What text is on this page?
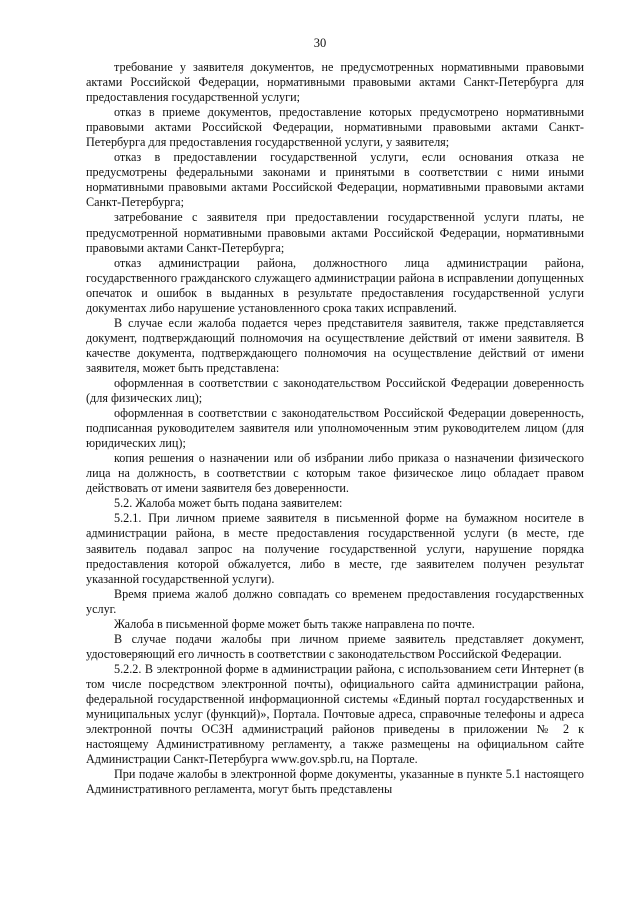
30

требование у заявителя документов, не предусмотренных нормативными правовыми актами Российской Федерации, нормативными правовыми актами Санкт-Петербурга для предоставления государственной услуги;

отказ в приеме документов, предоставление которых предусмотрено нормативными правовыми актами Российской Федерации, нормативными правовыми актами Санкт-Петербурга для предоставления государственной услуги, у заявителя;

отказ в предоставлении государственной услуги, если основания отказа не предусмотрены федеральными законами и принятыми в соответствии с ними иными нормативными правовыми актами Российской Федерации, нормативными правовыми актами Санкт-Петербурга;

затребование с заявителя при предоставлении государственной услуги платы, не предусмотренной нормативными правовыми актами Российской Федерации, нормативными правовыми актами Санкт-Петербурга;

отказ администрации района, должностного лица администрации района, государственного гражданского служащего администрации района в исправлении допущенных опечаток и ошибок в выданных в результате предоставления государственной услуги документах либо нарушение установленного срока таких исправлений.

В случае если жалоба подается через представителя заявителя, также представляется документ, подтверждающий полномочия на осуществление действий от имени заявителя. В качестве документа, подтверждающего полномочия на осуществление действий от имени заявителя, может быть представлена:

оформленная в соответствии с законодательством Российской Федерации доверенность (для физических лиц);

оформленная в соответствии с законодательством Российской Федерации доверенность, подписанная руководителем заявителя или уполномоченным этим руководителем лицом (для юридических лиц);

копия решения о назначении или об избрании либо приказа о назначении физического лица на должность, в соответствии с которым такое физическое лицо обладает правом действовать от имени заявителя без доверенности.

5.2. Жалоба может быть подана заявителем:

5.2.1. При личном приеме заявителя в письменной форме на бумажном носителе в администрации района, в месте предоставления государственной услуги (в месте, где заявитель подавал запрос на получение государственной услуги, нарушение порядка предоставления которой обжалуется, либо в месте, где заявителем получен результат указанной государственной услуги).

Время приема жалоб должно совпадать со временем предоставления государственных услуг.

Жалоба в письменной форме может быть также направлена по почте.

В случае подачи жалобы при личном приеме заявитель представляет документ, удостоверяющий его личность в соответствии с законодательством Российской Федерации.

5.2.2. В электронной форме в администрации района, с использованием сети Интернет (в том числе посредством электронной почты), официального сайта администрации района, федеральной государственной информационной системы «Единый портал государственных и муниципальных услуг (функций)», Портала. Почтовые адреса, справочные телефоны и адреса электронной почты ОСЗН администраций районов приведены в приложении № 2 к настоящему Административному регламенту, а также размещены на официальном сайте Администрации Санкт-Петербурга www.gov.spb.ru, на Портале.

При подаче жалобы в электронной форме документы, указанные в пункте 5.1 настоящего Административного регламента, могут быть представлены
